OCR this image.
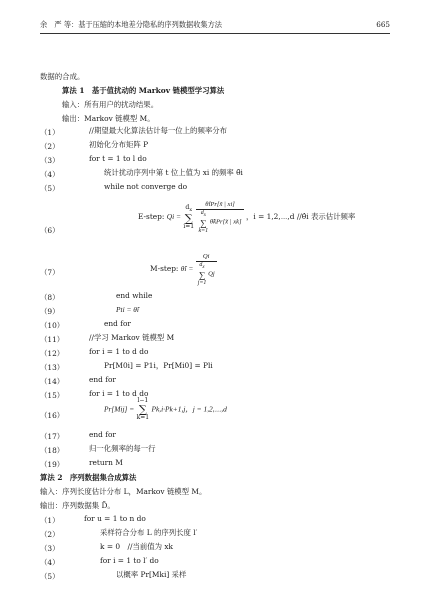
余　严 等：基于压缩的本地差分隐私的序列数据收集方法	665
数据的合成。
算法 1　基于值扰动的 Markov 链模型学习算法
输入：所有用户的扰动结果。
输出：Markov 链模型 M。
（1）	//期望最大化算法估计每一位上的频率分布
（2）	初始化分布矩阵 P
（3）	for t = 1 to l do
（4）	统计扰动序列中第 t 位上值为 xi 的频率 θ̃i
（5）	while not converge do
（6）
E-step: $Qi = d_x$
∑
i=1 θ̂iPr[x̃ | xi]
$d_x$
∑
k=1 θ̂kPr[x̃ | xk] ，i = 1,2,⋯,d //θ̂i 表示估计频率
（7）	M-step: θ̂i = Qi
$d_x$
∑
j=1 Qj
（8）	end while
（9）	Pti = θ̂i
（10）	end for
（11）	//学习 Markov 链模型 M
（12）	for i = 1 to d do
（13）	Pr[M0i] = P1i，Pr[Mi0] = Pli
（14）	end for
（15）	for i = 1 to d do
（16）
Pr[Mij] = l−1
∑
k=1 Pk,i·Pk+1,j，j = 1,2,⋯,d
（17）	end for
（18）	归一化频率的每一行
（19）	return M
算法 2　序列数据集合成算法
输入：序列长度估计分布 L，Markov 链模型 M。
输出：序列数据集 D̃。
（1）	for u = 1 to n do
（2）	采样符合分布 L 的序列长度 l′
（3）	k = 0　//当前值为 xk
（4）	for i = 1 to l′ do
（5）	以概率 Pr[Mki] 采样
